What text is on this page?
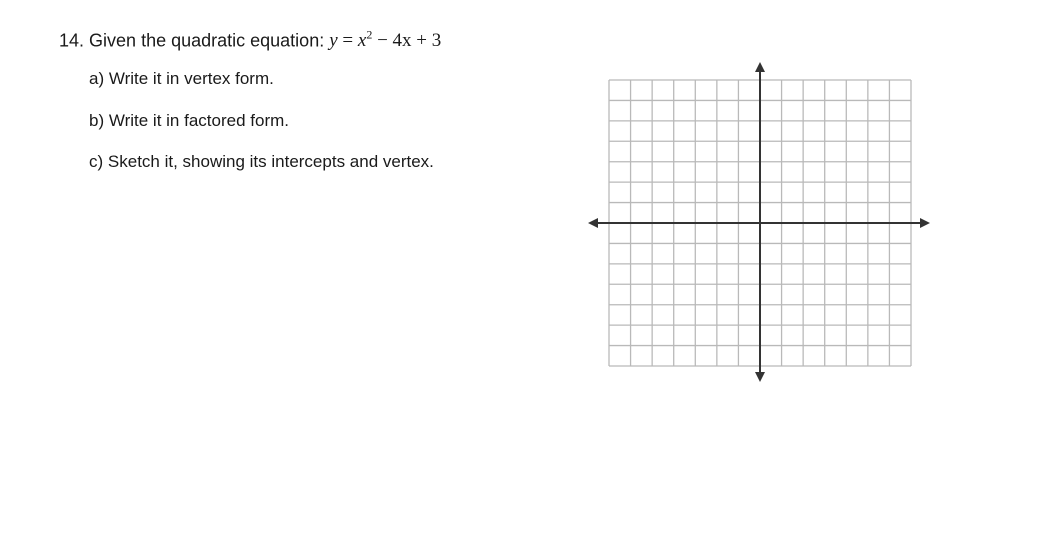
14. Given the quadratic equation: $y = x^2 - 4x + 3$
a) Write it in vertex form.
b) Write it in factored form.
c) Sketch it, showing its intercepts and vertex.
